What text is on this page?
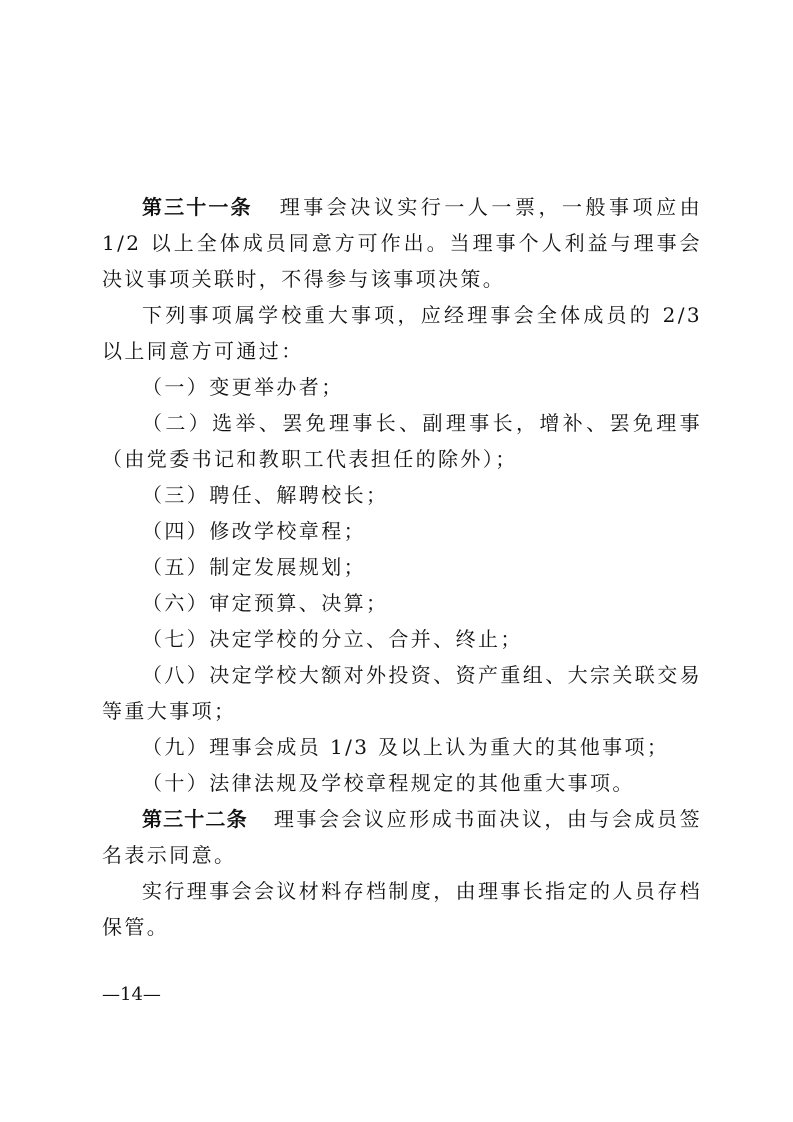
第三十一条 理事会决议实行一人一票，一般事项应由 1/2 以上全体成员同意方可作出。当理事个人利益与理事会决议事项关联时，不得参与该事项决策。

下列事项属学校重大事项，应经理事会全体成员的 2/3 以上同意方可通过：

（一）变更举办者；

（二）选举、罢免理事长、副理事长，增补、罢免理事（由党委书记和教职工代表担任的除外）；

（三）聘任、解聘校长；

（四）修改学校章程；

（五）制定发展规划；

（六）审定预算、决算；

（七）决定学校的分立、合并、终止；

（八）决定学校大额对外投资、资产重组、大宗关联交易等重大事项；

（九）理事会成员 1/3 及以上认为重大的其他事项；

（十）法律法规及学校章程规定的其他重大事项。

第三十二条 理事会会议应形成书面决议，由与会成员签名表示同意。

实行理事会会议材料存档制度，由理事长指定的人员存档保管。

—14—
